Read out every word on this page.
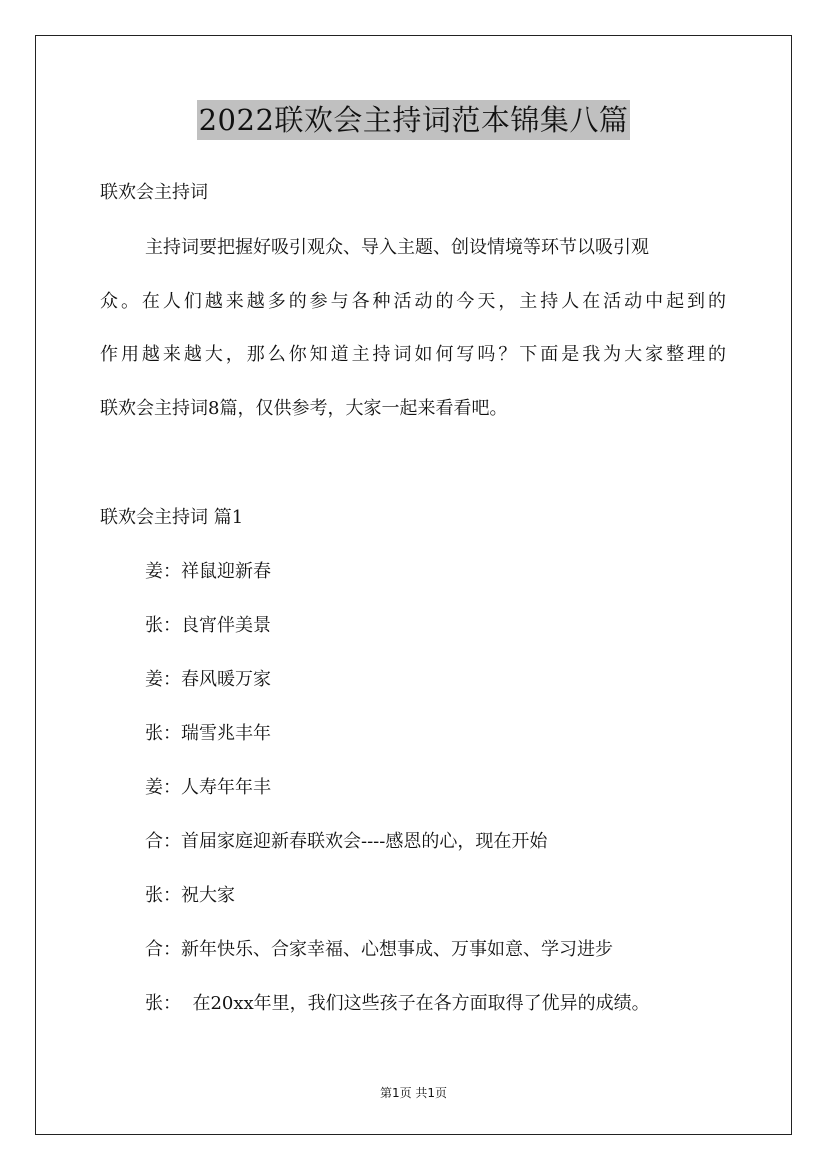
2022联欢会主持词范本锦集八篇
联欢会主持词
主持词要把握好吸引观众、导入主题、创设情境等环节以吸引观
众。在人们越来越多的参与各种活动的今天，主持人在活动中起到的
作用越来越大，那么你知道主持词如何写吗？下面是我为大家整理的
联欢会主持词8篇，仅供参考，大家一起来看看吧。
联欢会主持词 篇1
姜：祥鼠迎新春
张：良宵伴美景
姜：春风暖万家
张：瑞雪兆丰年
姜：人寿年年丰
合：首届家庭迎新春联欢会----感恩的心，现在开始
张：祝大家
合：新年快乐、合家幸福、心想事成、万事如意、学习进步
张：  在20xx年里，我们这些孩子在各方面取得了优异的成绩。
第1页 共1页
